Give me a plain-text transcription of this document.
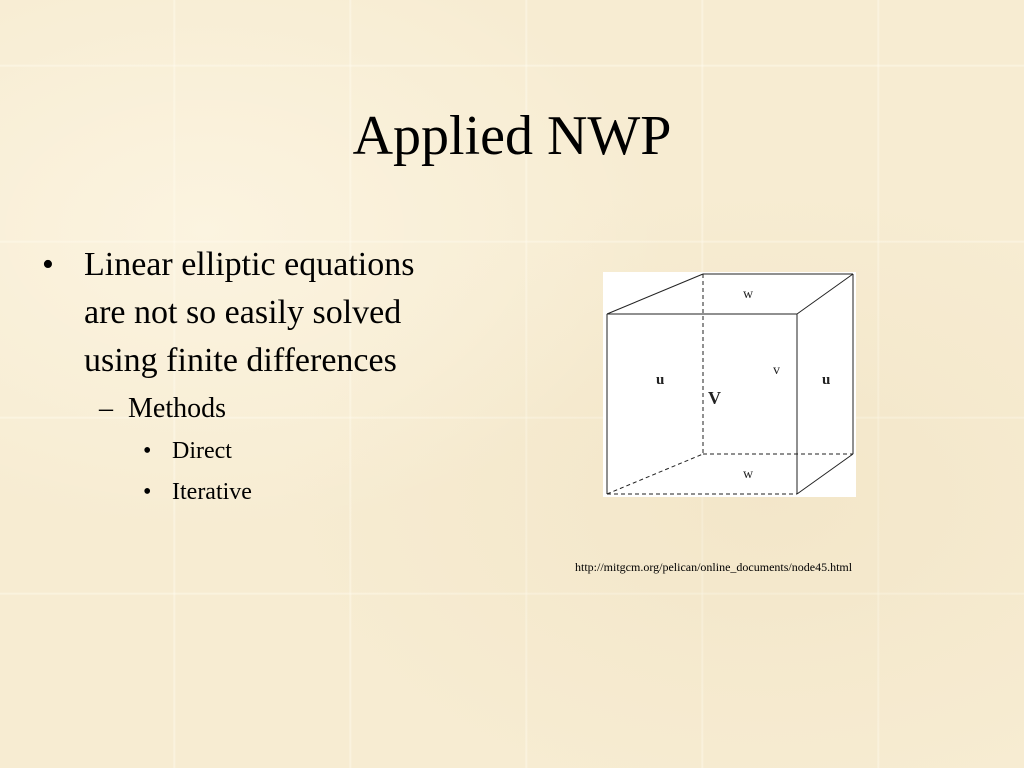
Applied NWP
• Linear elliptic equations are not so easily solved using finite differences
– Methods
• Direct
• Iterative
w
u
v
u
V
w
http://mitgcm.org/pelican/online_documents/node45.html
